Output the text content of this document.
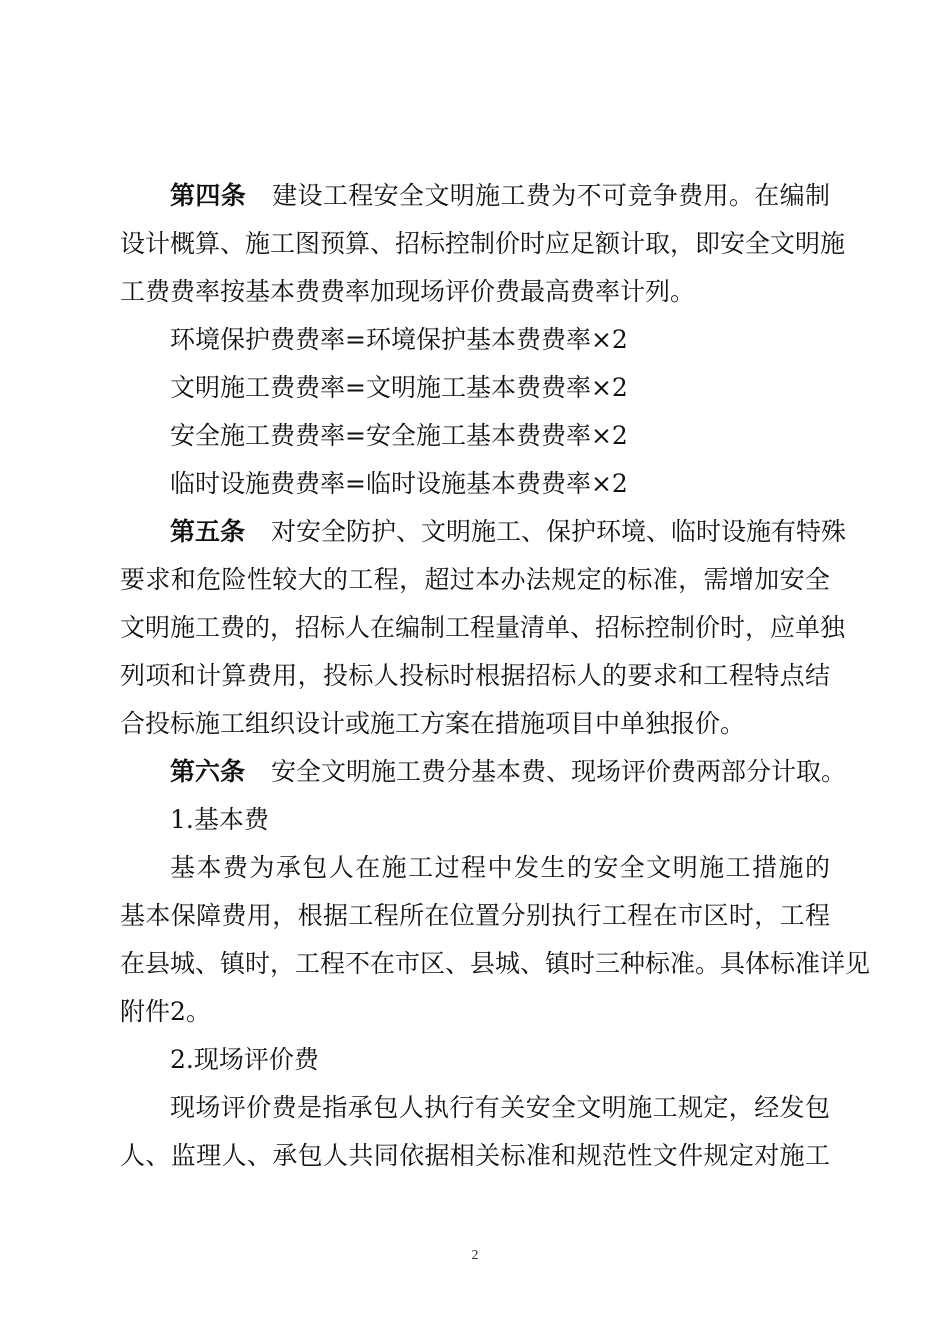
第四条 建设工程安全文明施工费为不可竞争费用。在编制
设计概算、施工图预算、招标控制价时应足额计取，即安全文明施
工费费率按基本费费率加现场评价费最高费率计列。
环境保护费费率=环境保护基本费费率×2
文明施工费费率=文明施工基本费费率×2
安全施工费费率=安全施工基本费费率×2
临时设施费费率=临时设施基本费费率×2
第五条 对安全防护、文明施工、保护环境、临时设施有特殊
要求和危险性较大的工程，超过本办法规定的标准，需增加安全
文明施工费的，招标人在编制工程量清单、招标控制价时，应单独
列项和计算费用，投标人投标时根据招标人的要求和工程特点结
合投标施工组织设计或施工方案在措施项目中单独报价。
第六条 安全文明施工费分基本费、现场评价费两部分计取。
1.基本费
基本费为承包人在施工过程中发生的安全文明施工措施的
基本保障费用，根据工程所在位置分别执行工程在市区时，工程
在县城、镇时，工程不在市区、县城、镇时三种标准。具体标准详见
附件2。
2.现场评价费
现场评价费是指承包人执行有关安全文明施工规定，经发包
人、监理人、承包人共同依据相关标准和规范性文件规定对施工
2
